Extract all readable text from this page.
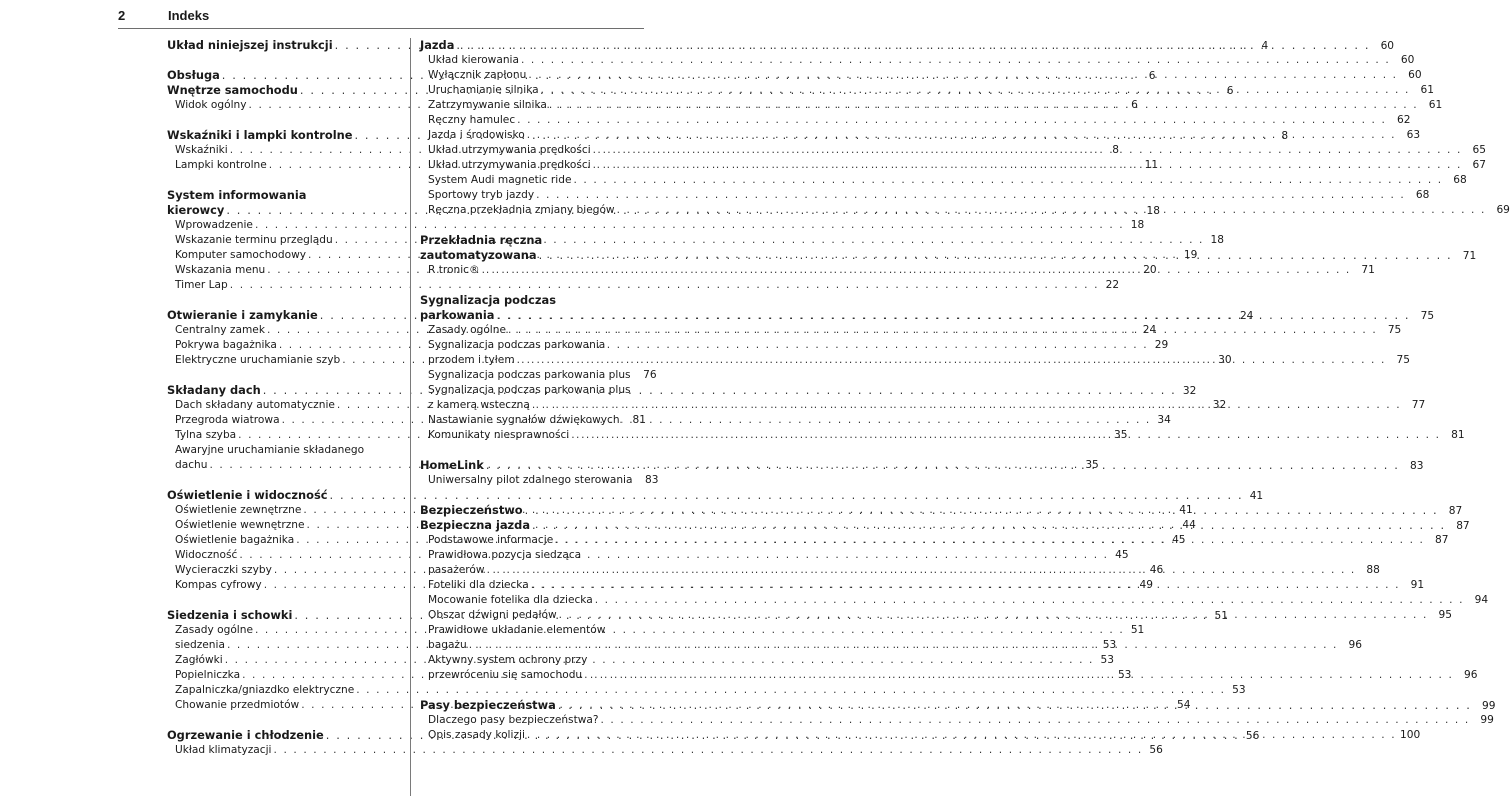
2	Indeks
Układ niniejszej instrukcji . . .	4
Obsługa . . .	6
Wnętrze samochodu . . .	6
Widok ogólny . . .	6
Wskaźniki i lampki kontrolne . . .	8
Wskaźniki . . .	8
Lampki kontrolne . . .	11
System informowania
kierowcy . . .	18
Wprowadzenie . . .	18
Wskazanie terminu przeglądu . . .	18
Komputer samochodowy . . .	19
Wskazania menu . . .	20
Timer Lap . . .	22
Otwieranie i zamykanie . . .	24
Centralny zamek . . .	24
Pokrywa bagażnika . . .	29
Elektryczne uruchamianie szyb . . .	30
Składany dach . . .	32
Dach składany automatycznie . . .	32
Przegroda wiatrowa . . .	34
Tylna szyba . . .	35
Awaryjne uruchamianie składanego
dachu . . .	35
Oświetlenie i widoczność . . .	41
Oświetlenie zewnętrzne . . .	41
Oświetlenie wewnętrzne . . .	44
Oświetlenie bagażnika . . .	45
Widoczność . . .	45
Wycieraczki szyby . . .	46
Kompas cyfrowy . . .	49
Siedzenia i schowki . . .	51
Zasady ogólne . . .	51
siedzenia . . .	53
Zagłówki . . .	53
Popielniczka . . .	53
Zapalniczka/gniazdko elektryczne . . .	53
Chowanie przedmiotów . . .	54
Ogrzewanie i chłodzenie . . .	56
Układ klimatyzacji . . .	56
Jazda . . .	60
Układ kierowania . . .	60
Wyłącznik zapłonu . . .	60
Uruchamianie silnika . . .	61
Zatrzymywanie silnika . . .	61
Ręczny hamulec . . .	62
Jazda i środowisko . . .	63
Układ utrzymywania prędkości . . .	65
Układ utrzymywania prędkości . . .	67
System Audi magnetic ride . . .	68
Sportowy tryb jazdy . . .	68
Ręczna przekładnia zmiany biegów . . .	69
Przekładnia ręczna
zautomatyzowana . . .	71
R tronic® . . .	71
Sygnalizacja podczas
parkowania . . .	75
Zasady ogólne . . .	75
Sygnalizacja podczas parkowania
przodem i tyłem . . .	75
Sygnalizacja podczas parkowania plus	76
Sygnalizacja podczas parkowania plus
z kamerą wsteczną . . .	77
Nastawianie sygnałów dźwiękowych . . .	81
Komunikaty niesprawności . . .	81
HomeLink . . .	83
Uniwersalny pilot zdalnego sterowania	83
Bezpieczeństwo . . .	87
Bezpieczna jazda . . .	87
Podstawowe informacje . . .	87
Prawidłowa pozycja siedząca
pasażerów . . .	88
Foteliki dla dziecka . . .	91
Mocowanie fotelika dla dziecka . . .	94
Obszar dźwigni pedałów . . .	95
Prawidłowe układanie elementów
bagażu . . .	96
Aktywny system ochrony przy
przewróceniu się samochodu . . .	96
Pasy bezpieczeństwa . . .	99
Dlaczego pasy bezpieczeństwa? . . .	99
Opis zasady kolizji . . .	100
